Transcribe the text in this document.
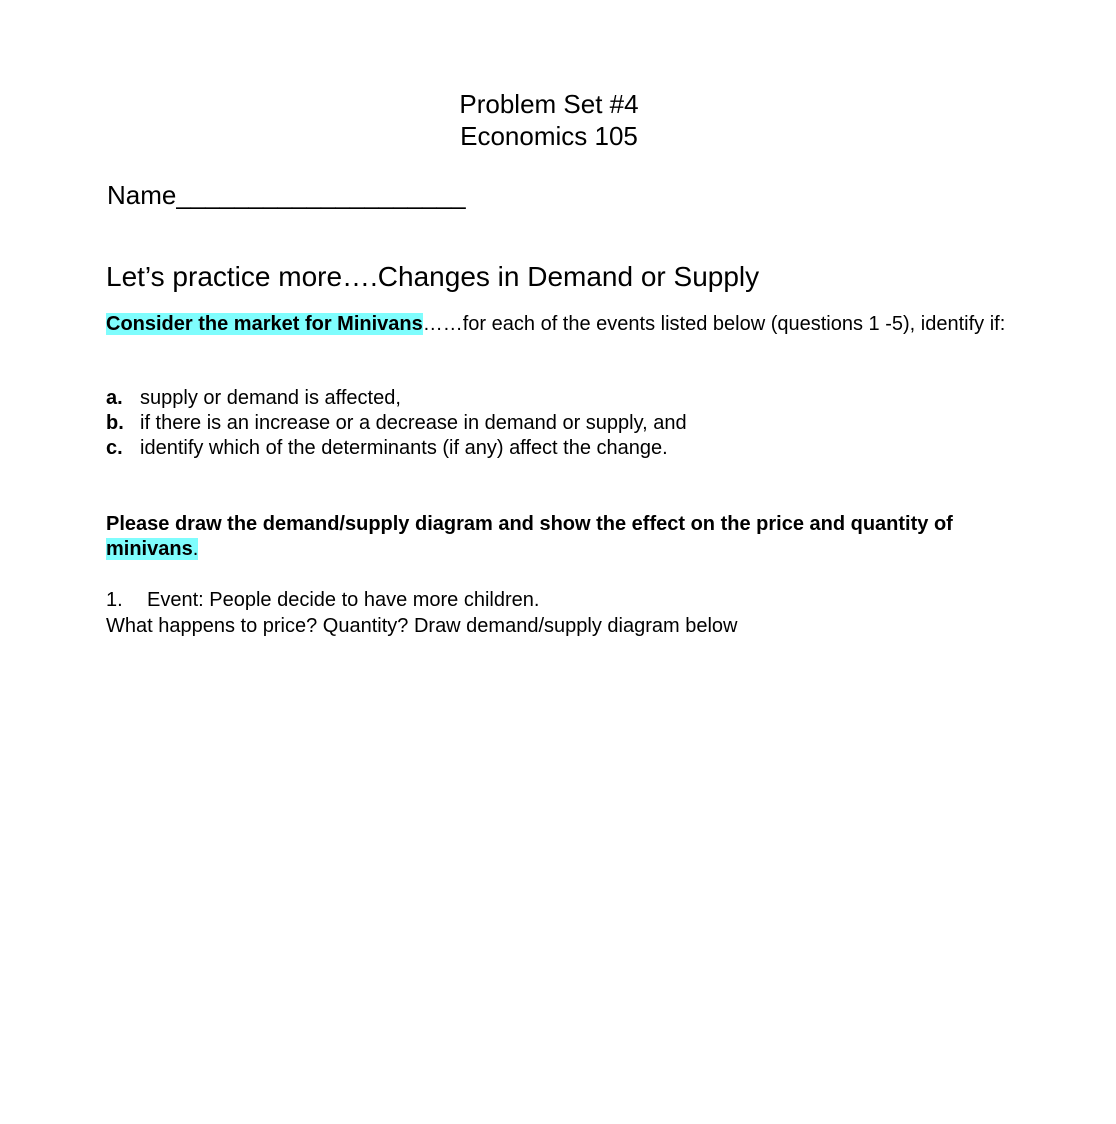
Problem Set #4
Economics 105
Name____________________
Let’s practice more….Changes in Demand or Supply
Consider the market for Minivans……for each of the events listed below (questions 1 -5), identify if:
a. supply or demand is affected,
b. if there is an increase or a decrease in demand or supply, and
c. identify which of the determinants (if any) affect the change.
Please draw the demand/supply diagram and show the effect on the price and quantity of
minivans.
1. Event: People decide to have more children.
What happens to price? Quantity? Draw demand/supply diagram below
